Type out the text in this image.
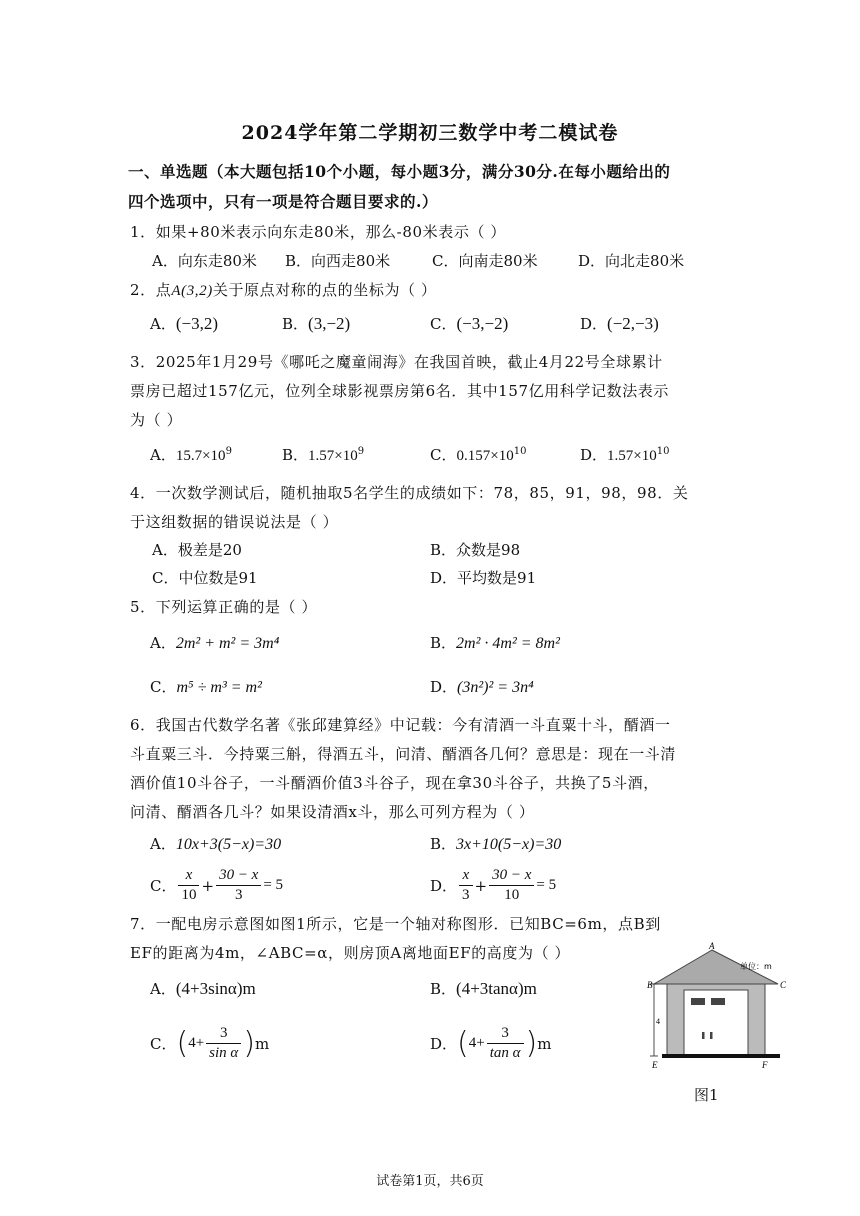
2024学年第二学期初三数学中考二模试卷
一、单选题（本大题包括10个小题，每小题3分，满分30分.在每小题给出的
四个选项中，只有一项是符合题目要求的.）
1．如果+80米表示向东走80米，那么-80米表示（ ）
A．向东走80米 B．向西走80米	C．向南走80米	D．向北走80米
2．点A(3,2)关于原点对称的点的坐标为（ ）
A．(−3,2)	B．(3,−2)	C．(−3,−2)	D．(−2,−3)
3．2025年1月29号《哪吒之魔童闹海》在我国首映，截止4月22号全球累计
票房已超过157亿元，位列全球影视票房第6名．其中157亿用科学记数法表示
为（ ）
A．$15.7\times 10^9$	B．$1.57\times 10^9$	C．$0.157\times 10^{10}$	D．$1.57\times 10^{10}$
4．一次数学测试后，随机抽取5名学生的成绩如下：78，85，91，98，98．关
于这组数据的错误说法是（ ）
A．极差是20	B．众数是98
C．中位数是91	D．平均数是91
5．下列运算正确的是（ ）
A．2m² + m² = 3m⁴	B．2m² · 4m² = 8m²
C．m⁵ ÷ m³ = m²	D．(3n²)² = 3n⁴
6．我国古代数学名著《张邱建算经》中记载：今有清酒一斗直粟十斗，醑酒一
斗直粟三斗．今持粟三斛，得酒五斗，问清、醑酒各几何？意思是：现在一斗清
酒价值10斗谷子，一斗醑酒价值3斗谷子，现在拿30斗谷子，共换了5斗酒，
问清、醑酒各几斗？如果设清酒x斗，那么可列方程为（ ）
A．10x+3(5−x)=30	B．3x+10(5−x)=30
C． $\frac{x}{10} + \frac{30 - x}{3} = 5$	D． $\frac{x}{3} + \frac{30 - x}{10} = 5$
7．一配电房示意图如图1所示，它是一个轴对称图形．已知BC=6m，点B到
EF的距离为4m，∠ABC=α，则房顶A离地面EF的高度为（ ）
A．(4+3sinα)m	B．(4+3tanα)m
C． ( $4+ \frac{3}{\text{sin α}}$ ) m	D． ( $4+ \frac{3}{\text{tan α}}$ ) m
A
B	C
E	F
4
单位：m
图1
试卷第1页，共6页
